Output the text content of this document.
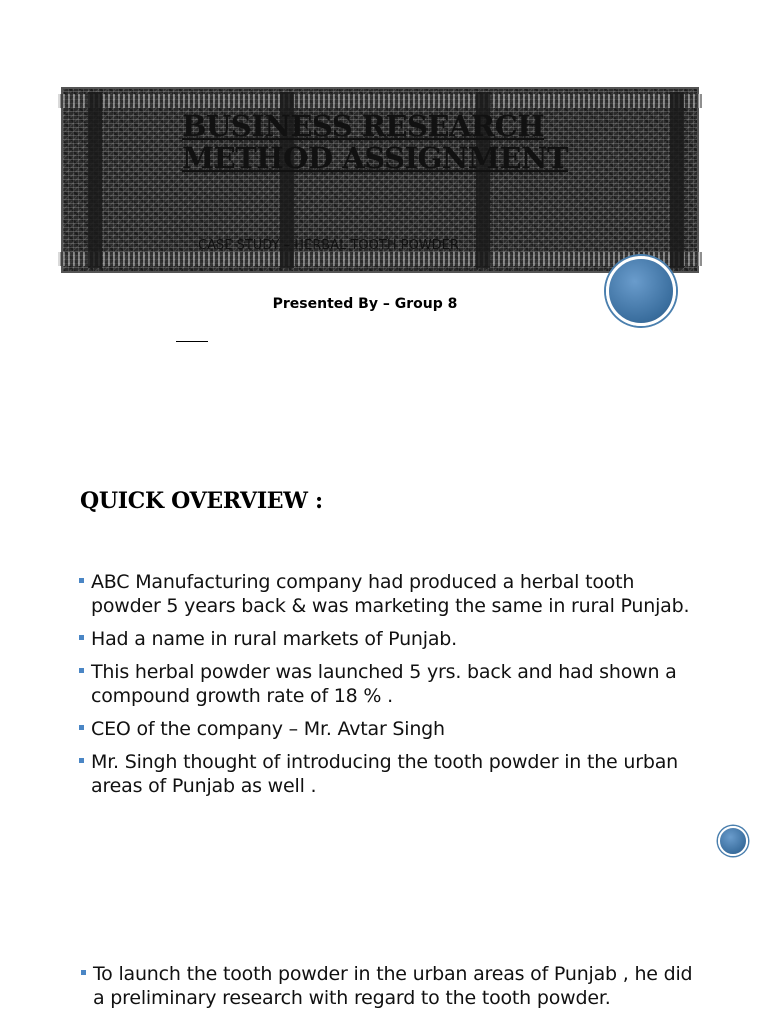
BUSINESS RESEARCH
METHOD ASSIGNMENT
CASE STUDY – HERBAL TOOTH POWDER
Presented By – Group 8
QUICK OVERVIEW :
ABC Manufacturing company had produced a herbal tooth powder 5 years back & was marketing the same in rural Punjab.
Had a name in rural markets of Punjab.
This herbal powder was launched 5 yrs. back and had shown a compound growth rate of 18 % .
CEO of the company – Mr. Avtar Singh
Mr. Singh thought of introducing the tooth powder in the urban areas of Punjab as well .
To launch the tooth powder in the urban areas of Punjab , he did a preliminary research with regard to the tooth powder.
